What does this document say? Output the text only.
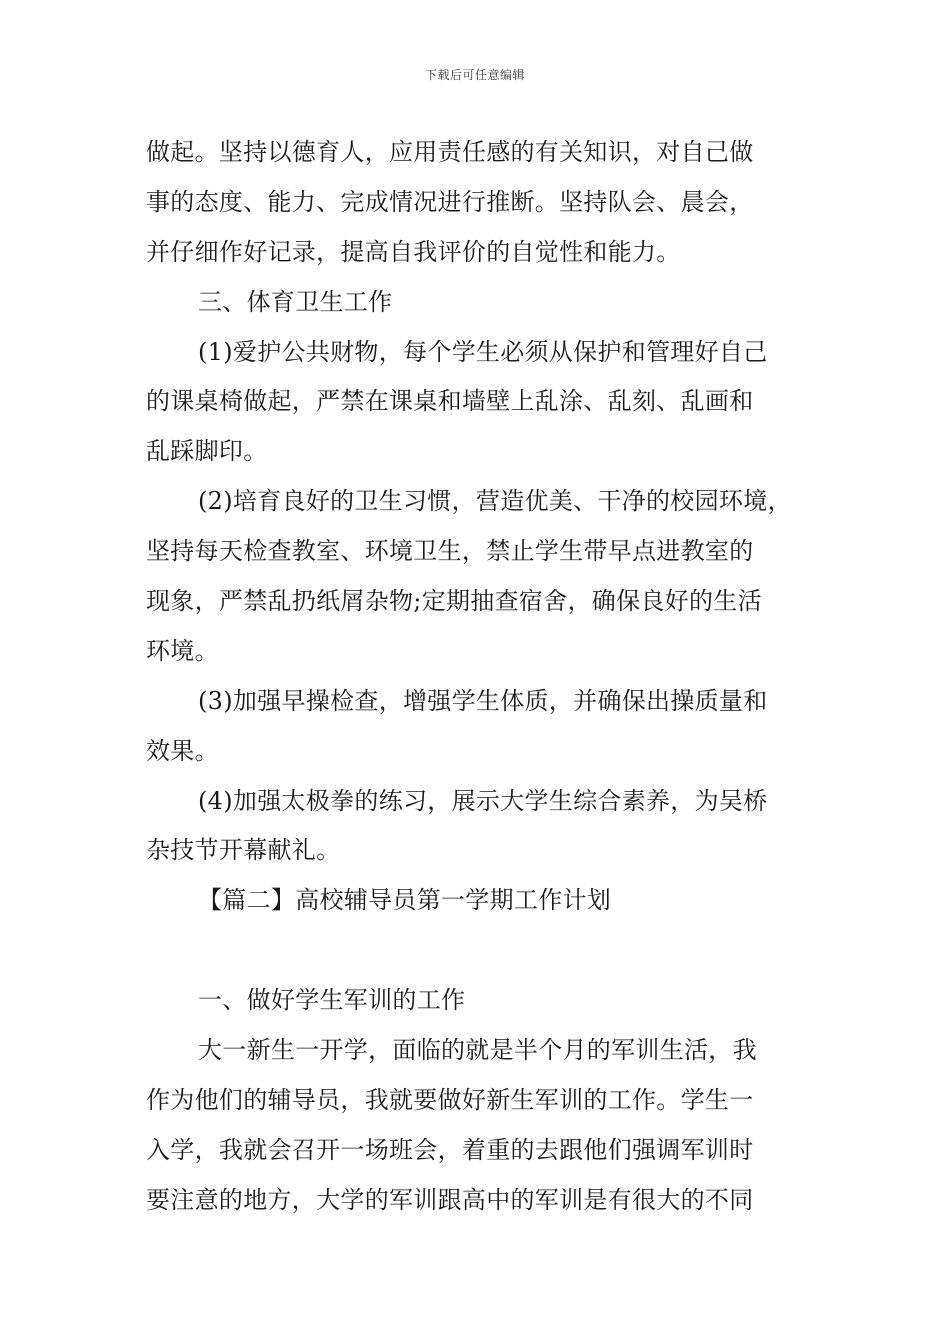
下载后可任意编辑
做起。坚持以德育人，应用责任感的有关知识，对自己做
事的态度、能力、完成情况进行推断。坚持队会、晨会，
并仔细作好记录，提高自我评价的自觉性和能力。
三、体育卫生工作
(1)爱护公共财物，每个学生必须从保护和管理好自己
的课桌椅做起，严禁在课桌和墙壁上乱涂、乱刻、乱画和
乱踩脚印。
(2)培育良好的卫生习惯，营造优美、干净的校园环境，
坚持每天检查教室、环境卫生，禁止学生带早点进教室的
现象，严禁乱扔纸屑杂物;定期抽查宿舍，确保良好的生活
环境。
(3)加强早操检查，增强学生体质，并确保出操质量和
效果。
(4)加强太极拳的练习，展示大学生综合素养，为吴桥
杂技节开幕献礼。
【篇二】高校辅导员第一学期工作计划
一、做好学生军训的工作
大一新生一开学，面临的就是半个月的军训生活，我
作为他们的辅导员，我就要做好新生军训的工作。学生一
入学，我就会召开一场班会，着重的去跟他们强调军训时
要注意的地方，大学的军训跟高中的军训是有很大的不同
